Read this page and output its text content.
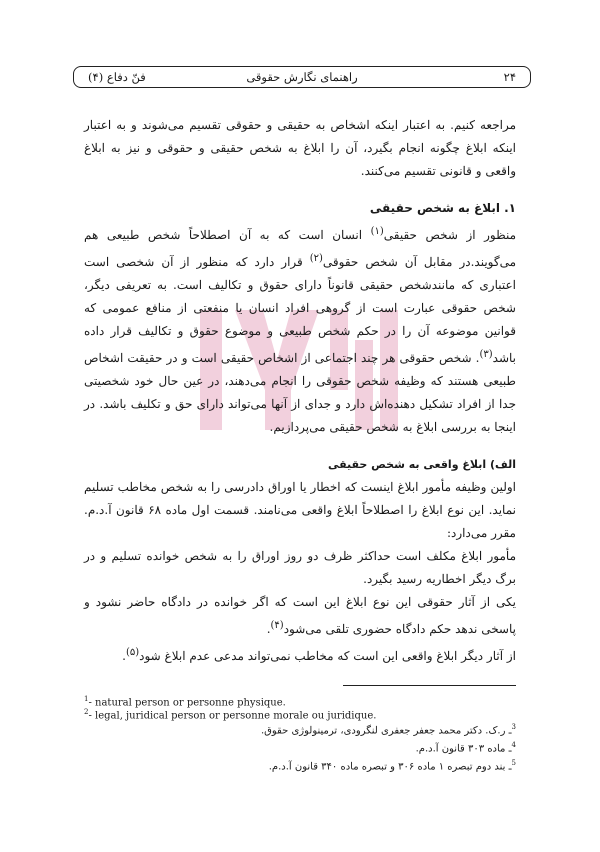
۲۴
راهنمای نگارش حقوقی
فنّ دفاع (۴)

مراجعه کنیم. به اعتبار اینکه اشخاص به حقیقی و حقوقی تقسیم می‌شوند و به اعتبار اینکه ابلاغ چگونه انجام بگیرد، آن را ابلاغ به شخص حقیقی و حقوقی و نیز به ابلاغ واقعی و قانونی تقسیم می‌کنند.

۱. ابلاغ به شخص حقیقی

منظور از شخص حقیقی$^{(۱)}$ انسان است که به آن اصطلاحاً شخص طبیعی هم می‌گویند.در مقابل آن شخص حقوقی$^{(۲)}$ قرار دارد که منظور از آن شخصی است اعتباری که مانندشخص حقیقی قانوناً دارای حقوق و تکالیف است. به تعریفی دیگر، شخص حقوقی عبارت است از گروهی افراد انسان یا منفعتی از منافع عمومی که قوانین موضوعه آن را در حکم شخص طبیعی و موضوع حقوق و تکالیف قرار داده باشد$^{(۳)}$. شخص حقوقی هر چند اجتماعی از اشخاص حقیقی است و در حقیقت اشخاص طبیعی هستند که وظیفه شخص حقوقی را انجام می‌دهند، در عین حال خود شخصیتی جدا از افراد تشکیل دهنده‌اش دارد و جدای از آنها می‌تواند دارای حق و تکلیف باشد. در اینجا به بررسی ابلاغ به شخص حقیقی می‌پردازیم.

الف) ابلاغ واقعی به شخص حقیقی

اولین وظیفه مأمور ابلاغ اینست که اخطار یا اوراق دادرسی را به شخص مخاطب تسلیم نماید. این نوع ابلاغ را اصطلاحاً ابلاغ واقعی می‌نامند. قسمت اول ماده ۶۸ قانون آ.د.م. مقرر می‌دارد:

مأمور ابلاغ مکلف است حداکثر ظرف دو روز اوراق را به شخص خوانده تسلیم و در برگ دیگر اخطاریه رسید بگیرد.

یکی از آثار حقوقی این نوع ابلاغ این است که اگر خوانده در دادگاه حاضر نشود و پاسخی ندهد حکم دادگاه حضوری تلقی می‌شود$^{(۴)}$.

از آثار دیگر ابلاغ واقعی این است که مخاطب نمی‌تواند مدعی عدم ابلاغ شود$^{(۵)}$.

$^1$- natural person or personne physique.
$^2$- legal, juridical person or personne morale ou juridique.
$^3$ـ ر.ک. دکتر محمد جعفر جعفری لنگرودی، ترمینولوژی حقوق.
$^4$ـ ماده ۳۰۳ قانون آ.د.م.
$^5$ـ بند دوم تبصره ۱ ماده ۳۰۶ و تبصره ماده ۳۴۰ قانون آ.د.م.
